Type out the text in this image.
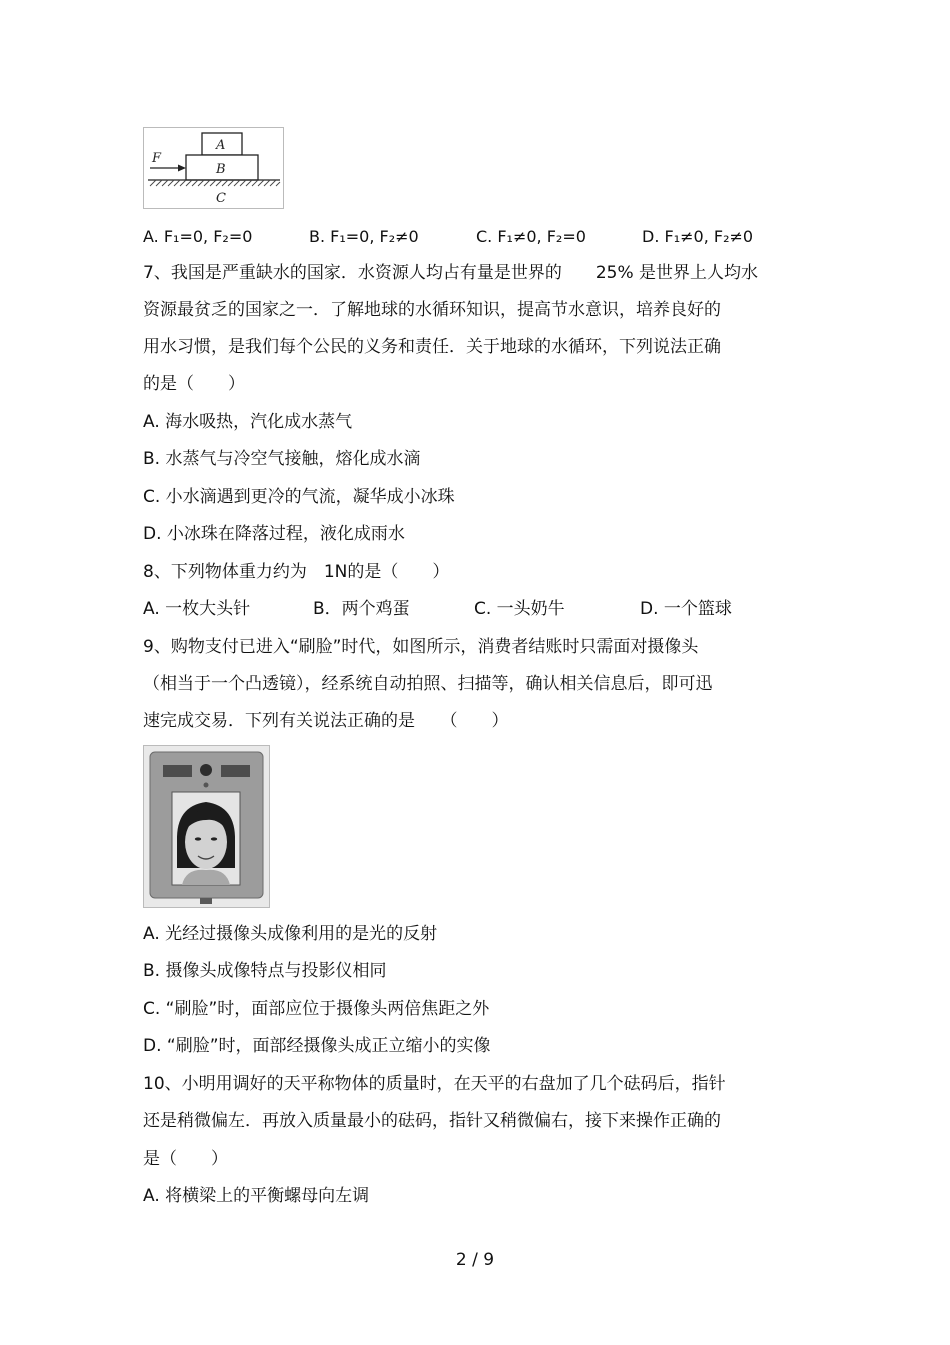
A
B
C
F
A. F₁=0, F₂=0	B. F₁=0, F₂≠0	C. F₁≠0, F₂=0	D. F₁≠0, F₂≠0
7、我国是严重缺水的国家．水资源人均占有量是世界的　　25% 是世界上人均水
资源最贫乏的国家之一．了解地球的水循环知识，提高节水意识，培养良好的
用水习惯，是我们每个公民的义务和责任．关于地球的水循环，下列说法正确
的是（　　）
A. 海水吸热，汽化成水蒸气
B. 水蒸气与冷空气接触，熔化成水滴
C. 小水滴遇到更冷的气流，凝华成小冰珠
D. 小冰珠在降落过程，液化成雨水
8、下列物体重力约为　1N的是（　　）
A. 一枚大头针	B．两个鸡蛋	C. 一头奶牛	D. 一个篮球
9、购物支付已进入“刷脸”时代，如图所示，消费者结账时只需面对摄像头
（相当于一个凸透镜），经系统自动拍照、扫描等，确认相关信息后，即可迅
速完成交易．下列有关说法正确的是　　（　　）
A. 光经过摄像头成像利用的是光的反射
B. 摄像头成像特点与投影仪相同
C. “刷脸”时，面部应位于摄像头两倍焦距之外
D. “刷脸”时，面部经摄像头成正立缩小的实像
10、小明用调好的天平称物体的质量时，在天平的右盘加了几个砝码后，指针
还是稍微偏左．再放入质量最小的砝码，指针又稍微偏右，接下来操作正确的
是（　　）
A. 将横梁上的平衡螺母向左调
2 / 9
